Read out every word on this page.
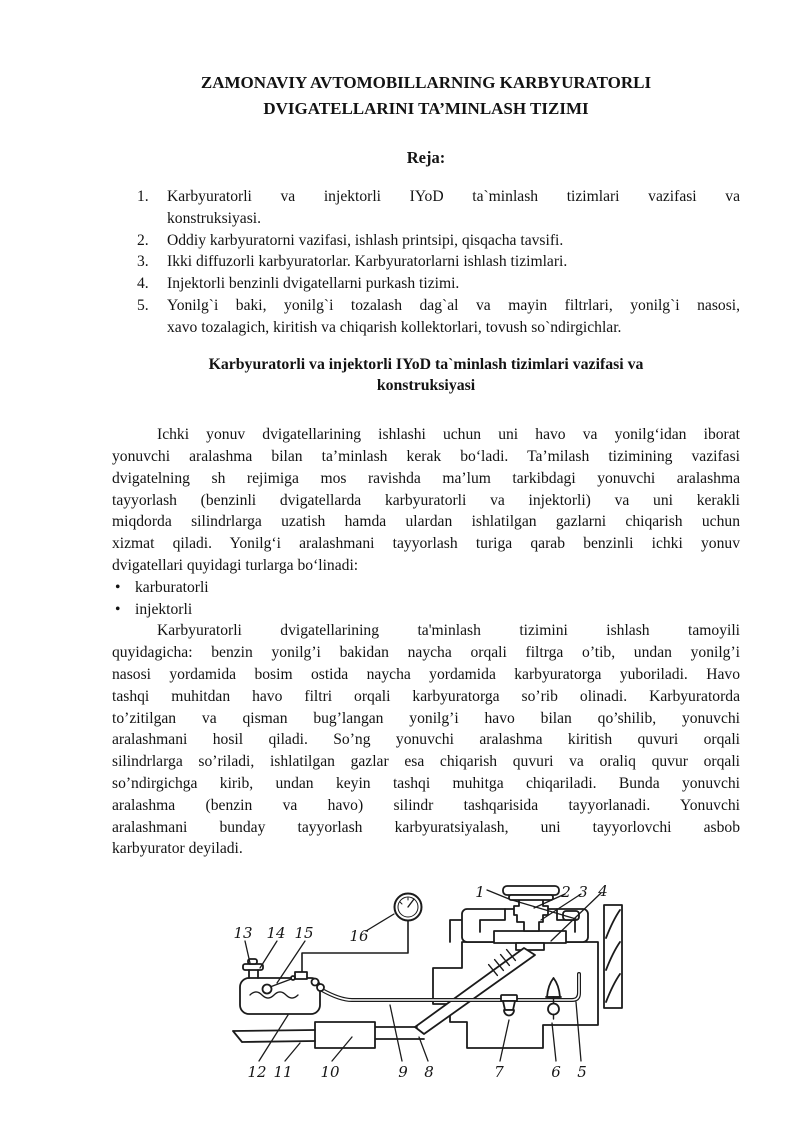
ZAMONAVIY AVTOMOBILLARNING KARBYURATORLI
DVIGATELLARINI TA’MINLASH TIZIMI
Reja:
1.	Karbyuratorli va injektorli IYoD ta`minlash tizimlari vazifasi va
konstruksiyasi.
2.	Oddiy karbyuratorni vazifasi, ishlash printsipi, qisqacha tavsifi.
3.	Ikki diffuzorli karbyuratorlar. Karbyuratorlarni ishlash tizimlari.
4.	Injektorli benzinli dvigatellarni purkash tizimi.
5.	Yonilg`i baki, yonilg`i tozalash dag`al va mayin filtrlari, yonilg`i nasosi,
xavo tozalagich, kiritish va chiqarish kollektorlari, tovush so`ndirgichlar.
Karbyuratorli va injektorli IYoD ta`minlash tizimlari vazifasi va
konstruksiyasi
Ichki yonuv dvigatellarining ishlashi uchun uni havo va yonilg‘idan iborat
yonuvchi aralashma bilan ta’minlash kerak bo‘ladi. Ta’milash tizimining vazifasi
dvigatelning sh rejimiga mos ravishda ma’lum tarkibdagi yonuvchi aralashma
tayyorlash (benzinli dvigatellarda karbyuratorli va injektorli) va uni kerakli
miqdorda silindrlarga uzatish hamda ulardan ishlatilgan gazlarni chiqarish uchun
xizmat qiladi. Yonilg‘i aralashmani tayyorlash turiga qarab benzinli ichki yonuv
dvigatellari quyidagi turlarga bo‘linadi:
• karburatorli
• injektorli
Karbyuratorli dvigatellarining ta'minlash tizimini ishlash tamoyili
quyidagicha: benzin yonilg’i bakidan naycha orqali filtrga o’tib, undan yonilg’i
nasosi yordamida bosim ostida naycha yordamida karbyuratorga yuboriladi. Havo
tashqi muhitdan havo filtri orqali karbyuratorga so’rib olinadi. Karbyuratorda
to’zitilgan va qisman bug’langan yonilg’i havo bilan qo’shilib, yonuvchi
aralashmani hosil qiladi. So’ng yonuvchi aralashma kiritish quvuri orqali
silindrlarga so’riladi, ishlatilgan gazlar esa chiqarish quvuri va oraliq quvur orqali
so’ndirgichga kirib, undan keyin tashqi muhitga chiqariladi. Bunda yonuvchi
aralashma (benzin va havo) silindr tashqarisida tayyorlanadi. Yonuvchi
aralashmani bunday tayyorlash karbyuratsiyalash, uni tayyorlovchi asbob
karbyurator deyiladi.
1	2 3 4
5
6
7
8
9
10
11
12
13 14 15 16
